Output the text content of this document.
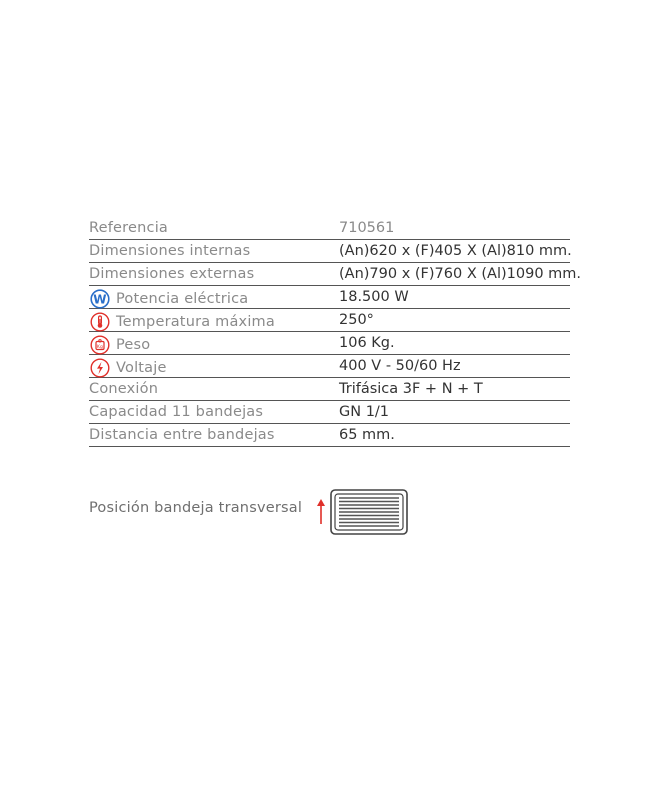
Referencia	710561
Dimensiones internas	(An)620 x (F)405 X (Al)810 mm.
Dimensiones externas	(An)790 x (F)760 X (Al)1090 mm.
W Potencia eléctrica	18.500 W
Temperatura máxima	250°
Kg Peso	106 Kg.
Voltaje	400 V - 50/60 Hz
Conexión	Trifásica 3F + N + T
Capacidad 11 bandejas	GN 1/1
Distancia entre bandejas	65 mm.
Posición bandeja transversal
